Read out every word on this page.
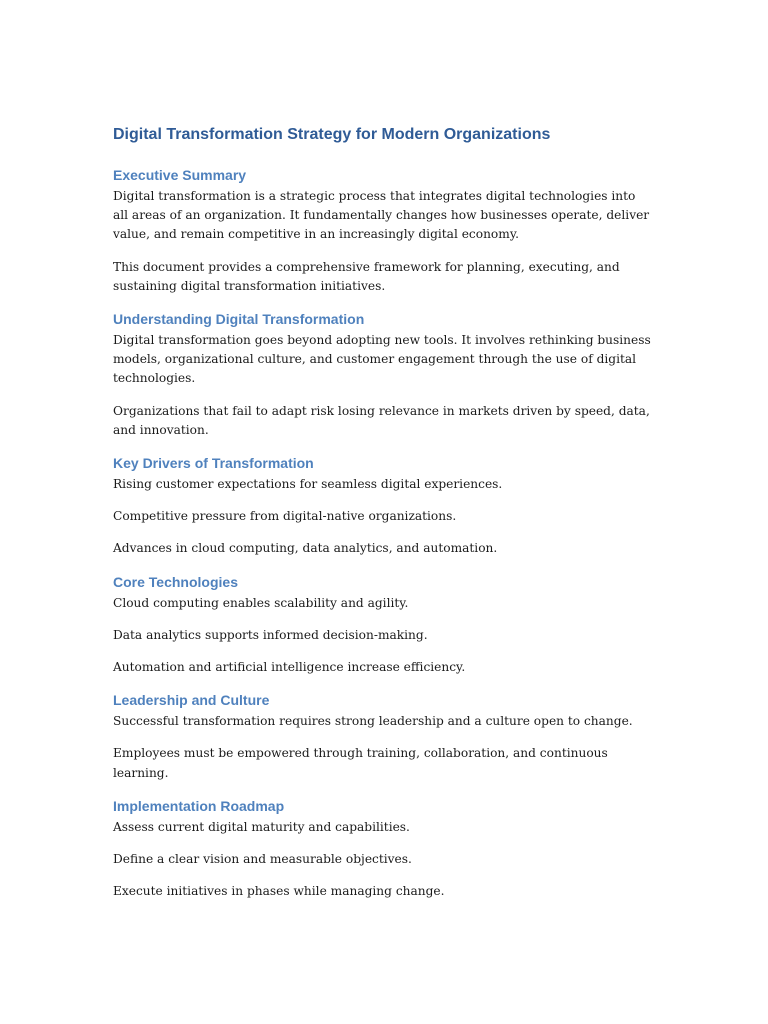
Digital Transformation Strategy for Modern Organizations
Executive Summary

Digital transformation is a strategic process that integrates digital technologies into all areas of an organization. It fundamentally changes how businesses operate, deliver value, and remain competitive in an increasingly digital economy.

This document provides a comprehensive framework for planning, executing, and sustaining digital transformation initiatives.

Understanding Digital Transformation

Digital transformation goes beyond adopting new tools. It involves rethinking business models, organizational culture, and customer engagement through the use of digital technologies.

Organizations that fail to adapt risk losing relevance in markets driven by speed, data, and innovation.

Key Drivers of Transformation

Rising customer expectations for seamless digital experiences.

Competitive pressure from digital-native organizations.

Advances in cloud computing, data analytics, and automation.

Core Technologies

Cloud computing enables scalability and agility.

Data analytics supports informed decision-making.

Automation and artificial intelligence increase efficiency.

Leadership and Culture

Successful transformation requires strong leadership and a culture open to change.

Employees must be empowered through training, collaboration, and continuous learning.

Implementation Roadmap

Assess current digital maturity and capabilities.

Define a clear vision and measurable objectives.

Execute initiatives in phases while managing change.
